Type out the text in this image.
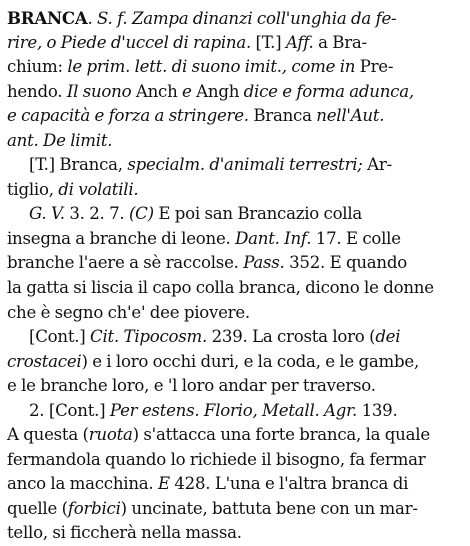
BRANCA. S. f. Zampa dinanzi coll'unghia da fe-
rire, o Piede d'uccel di rapina. [T.] Aff. a Bra-
chium: le prim. lett. di suono imit., come in Pre-
hendo. Il suono Anch e Angh dice e forma adunca,
e capacità e forza a stringere. Branca nell'Aut.
ant. De limit.
[T.] Branca, specialm. d'animali terrestri; Ar-
tiglio, di volatili.
G. V. 3. 2. 7. (C) E poi san Brancazio colla
insegna a branche di leone. Dant. Inf. 17. E colle
branche l'aere a sè raccolse. Pass. 352. E quando
la gatta si liscia il capo colla branca, dicono le donne
che è segno ch'e' dee piovere.
[Cont.] Cit. Tipocosm. 239. La crosta loro (dei
crostacei) e i loro occhi duri, e la coda, e le gambe,
e le branche loro, e 'l loro andar per traverso.
2. [Cont.] Per estens. Florio, Metall. Agr. 139.
A questa (ruota) s'attacca una forte branca, la quale
fermandola quando lo richiede il bisogno, fa fermar
anco la macchina. E 428. L'una e l'altra branca di
quelle (forbici) uncinate, battuta bene con un mar-
tello, si ficcherà nella massa.
